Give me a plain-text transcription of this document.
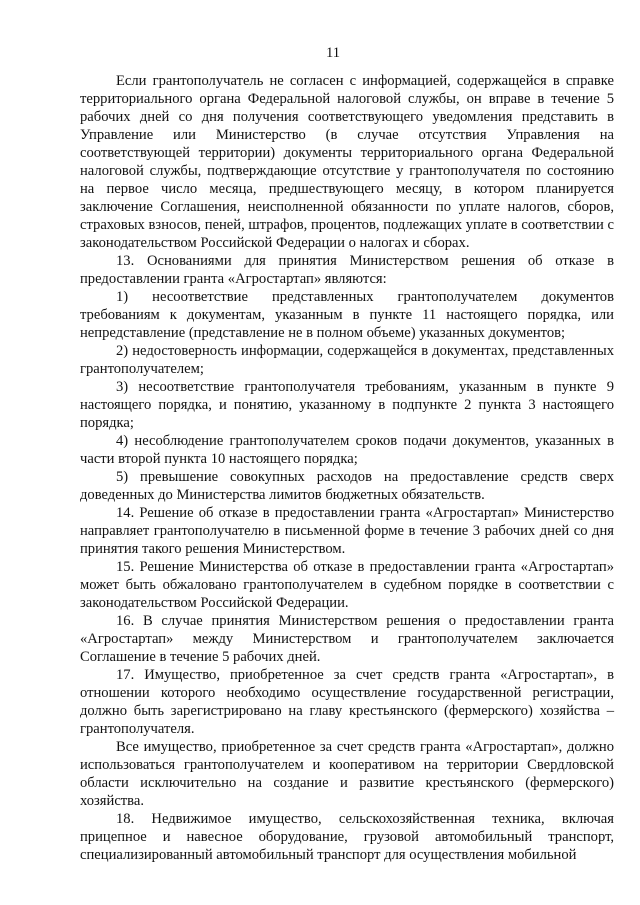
11

Если грантополучатель не согласен с информацией, содержащейся в справке территориального органа Федеральной налоговой службы, он вправе в течение 5 рабочих дней со дня получения соответствующего уведомления представить в Управление или Министерство (в случае отсутствия Управления на соответствующей территории) документы территориального органа Федеральной налоговой службы, подтверждающие отсутствие у грантополучателя по состоянию на первое число месяца, предшествующего месяцу, в котором планируется заключение Соглашения, неисполненной обязанности по уплате налогов, сборов, страховых взносов, пеней, штрафов, процентов, подлежащих уплате в соответствии с законодательством Российской Федерации о налогах и сборах.

13. Основаниями для принятия Министерством решения об отказе в предоставлении гранта «Агростартап» являются:

1) несоответствие представленных грантополучателем документов требованиям к документам, указанным в пункте 11 настоящего порядка, или непредставление (представление не в полном объеме) указанных документов;

2) недостоверность информации, содержащейся в документах, представленных грантополучателем;

3) несоответствие грантополучателя требованиям, указанным в пункте 9 настоящего порядка, и понятию, указанному в подпункте 2 пункта 3 настоящего порядка;

4) несоблюдение грантополучателем сроков подачи документов, указанных в части второй пункта 10 настоящего порядка;

5) превышение совокупных расходов на предоставление средств сверх доведенных до Министерства лимитов бюджетных обязательств.

14. Решение об отказе в предоставлении гранта «Агростартап» Министерство направляет грантополучателю в письменной форме в течение 3 рабочих дней со дня принятия такого решения Министерством.

15. Решение Министерства об отказе в предоставлении гранта «Агростартап» может быть обжаловано грантополучателем в судебном порядке в соответствии с законодательством Российской Федерации.

16. В случае принятия Министерством решения о предоставлении гранта «Агростартап» между Министерством и грантополучателем заключается Соглашение в течение 5 рабочих дней.

17. Имущество, приобретенное за счет средств гранта «Агростартап», в отношении которого необходимо осуществление государственной регистрации, должно быть зарегистрировано на главу крестьянского (фермерского) хозяйства – грантополучателя.

Все имущество, приобретенное за счет средств гранта «Агростартап», должно использоваться грантополучателем и кооперативом на территории Свердловской области исключительно на создание и развитие крестьянского (фермерского) хозяйства.

18. Недвижимое имущество, сельскохозяйственная техника, включая прицепное и навесное оборудование, грузовой автомобильный транспорт, специализированный автомобильный транспорт для осуществления мобильной
